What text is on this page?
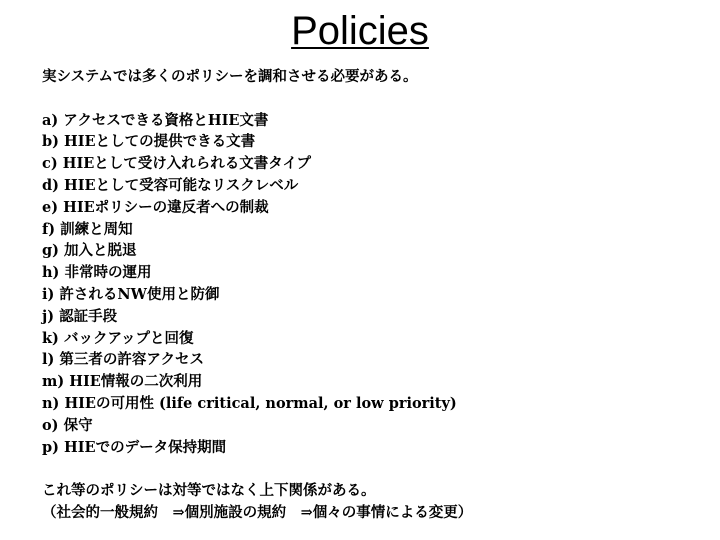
Policies
実システムでは多くのポリシーを調和させる必要がある。
a) アクセスできる資格とHIE文書
b) HIEとしての提供できる文書
c) HIEとして受け入れられる文書タイプ
d) HIEとして受容可能なリスクレベル
e) HIEポリシーの違反者への制裁
f) 訓練と周知
g) 加入と脱退
h) 非常時の運用
i) 許されるNW使用と防御
j) 認証手段
k) バックアップと回復
l) 第三者の許容アクセス
m) HIE情報の二次利用
n) HIEの可用性 (life critical, normal, or low priority)
o) 保守
p) HIEでのデータ保持期間
これ等のポリシーは対等ではなく上下関係がある。
（社会的一般規約　⇒個別施設の規約　⇒個々の事情による変更）
